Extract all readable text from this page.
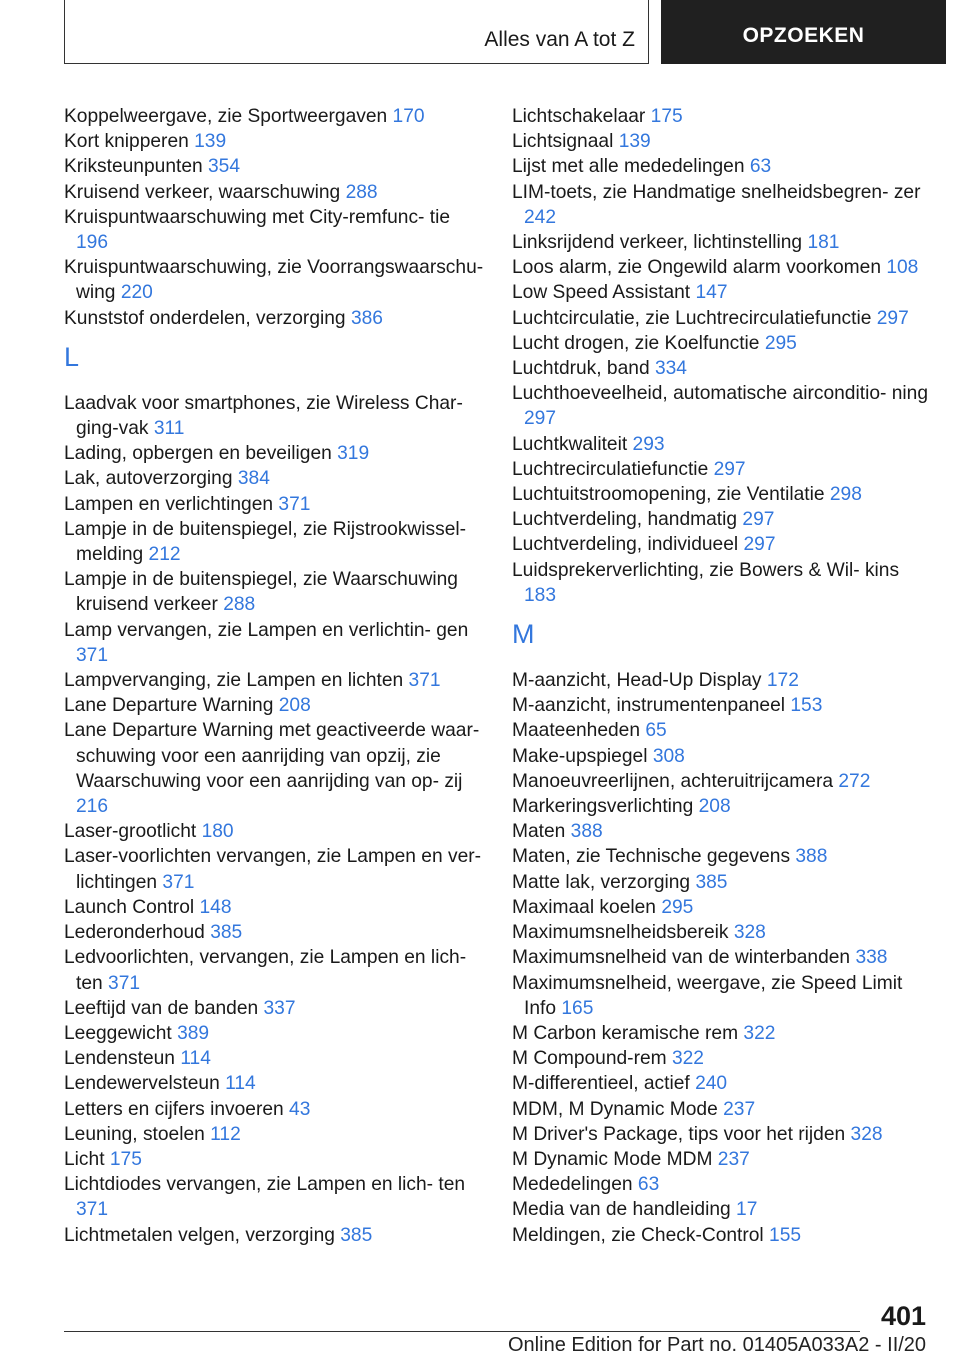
Alles van A tot Z	OPZOEKEN
Koppelweergave, zie Sportweergaven 170
Kort knipperen 139
Kriksteunpunten 354
Kruisend verkeer, waarschuwing 288
Kruispuntwaarschuwing met City-remfunc- tie 196
Kruispuntwaarschuwing, zie Voorrangswaarschu- wing 220
Kunststof onderdelen, verzorging 386
L
Laadvak voor smartphones, zie Wireless Char- ging-vak 311
Lading, opbergen en beveiligen 319
Lak, autoverzorging 384
Lampen en verlichtingen 371
Lampje in de buitenspiegel, zie Rijstrookwissel- melding 212
Lampje in de buitenspiegel, zie Waarschuwing kruisend verkeer 288
Lamp vervangen, zie Lampen en verlichtin- gen 371
Lampvervanging, zie Lampen en lichten 371
Lane Departure Warning 208
Lane Departure Warning met geactiveerde waar- schuwing voor een aanrijding van opzij, zie Waarschuwing voor een aanrijding van op- zij 216
Laser-grootlicht 180
Laser-voorlichten vervangen, zie Lampen en ver- lichtingen 371
Launch Control 148
Lederonderhoud 385
Ledvoorlichten, vervangen, zie Lampen en lich- ten 371
Leeftijd van de banden 337
Leeggewicht 389
Lendensteun 114
Lendewervelsteun 114
Letters en cijfers invoeren 43
Leuning, stoelen 112
Licht 175
Lichtdiodes vervangen, zie Lampen en lich- ten 371
Lichtmetalen velgen, verzorging 385
Lichtschakelaar 175
Lichtsignaal 139
Lijst met alle mededelingen 63
LIM-toets, zie Handmatige snelheidsbegren- zer 242
Linksrijdend verkeer, lichtinstelling 181
Loos alarm, zie Ongewild alarm voorkomen 108
Low Speed Assistant 147
Luchtcirculatie, zie Luchtrecirculatiefunctie 297
Lucht drogen, zie Koelfunctie 295
Luchtdruk, band 334
Luchthoeveelheid, automatische airconditio- ning 297
Luchtkwaliteit 293
Luchtrecirculatiefunctie 297
Luchtuitstroomopening, zie Ventilatie 298
Luchtverdeling, handmatig 297
Luchtverdeling, individueel 297
Luidsprekerverlichting, zie Bowers & Wil- kins 183
M
M-aanzicht, Head-Up Display 172
M-aanzicht, instrumentenpaneel 153
Maateenheden 65
Make-upspiegel 308
Manoeuvreerlijnen, achteruitrijcamera 272
Markeringsverlichting 208
Maten 388
Maten, zie Technische gegevens 388
Matte lak, verzorging 385
Maximaal koelen 295
Maximumsnelheidsbereik 328
Maximumsnelheid van de winterbanden 338
Maximumsnelheid, weergave, zie Speed Limit Info 165
M Carbon keramische rem 322
M Compound-rem 322
M-differentieel, actief 240
MDM, M Dynamic Mode 237
M Driver's Package, tips voor het rijden 328
M Dynamic Mode MDM 237
Mededelingen 63
Media van de handleiding 17
Meldingen, zie Check-Control 155
401
Online Edition for Part no. 01405A033A2 - II/20
